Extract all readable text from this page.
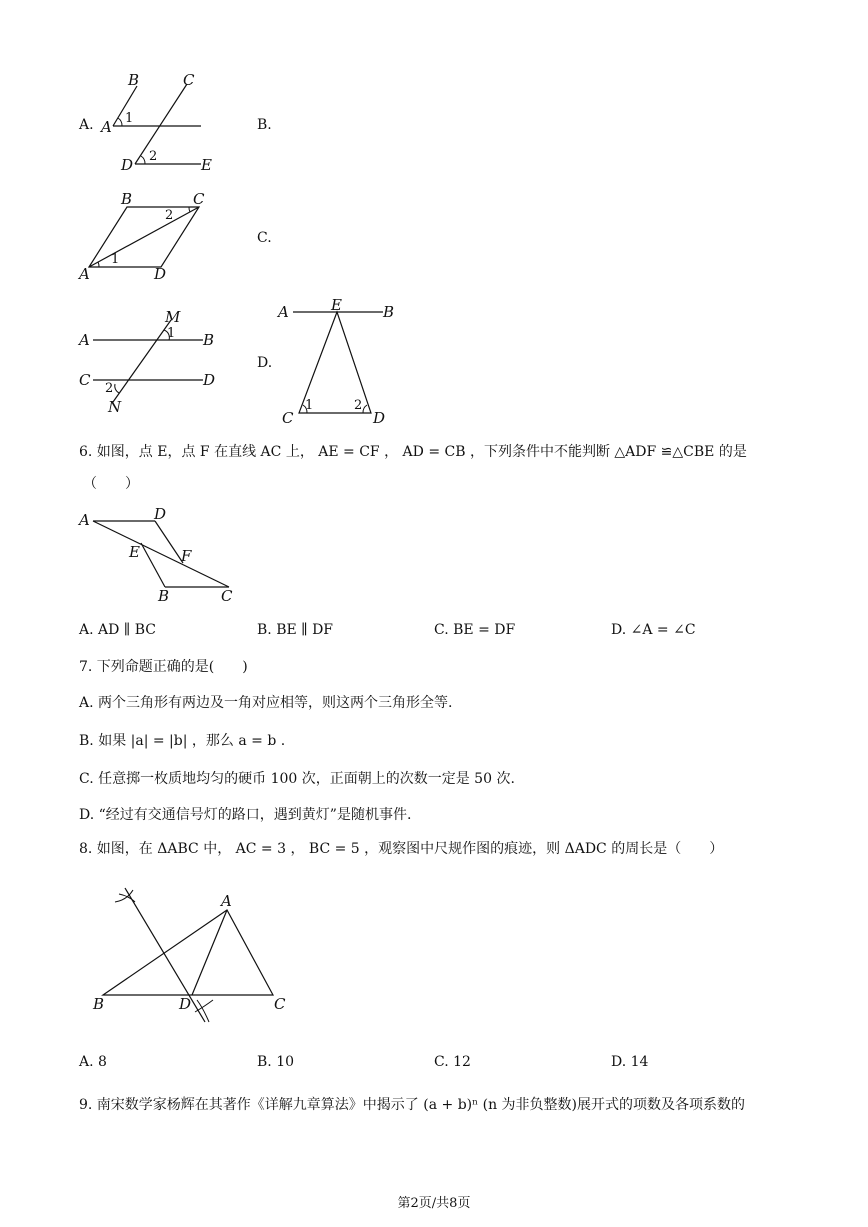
A.
B	C
A
D	E
1
2
B.
B	C
A	D
1
2
C.
A
M
B
C	D
N
1
2
D.
A	E	B
C	D
1	2
6. 如图，点 E，点 F 在直线 AC 上， AE = CF ， AD = CB ，下列条件中不能判断 △ADF ≌△CBE 的是
（　　）
A	D
E	F
B	C
A. AD ∥ BC	B. BE ∥ DF	C. BE = DF	D. ∠A = ∠C
7. 下列命题正确的是(　　)
A. 两个三角形有两边及一角对应相等，则这两个三角形全等.
B. 如果 |a| = |b| ，那么 a = b .
C. 任意掷一枚质地均匀的硬币 100 次，正面朝上的次数一定是 50 次.
D. “经过有交通信号灯的路口，遇到黄灯”是随机事件.
8. 如图，在 ΔABC 中， AC = 3 ， BC = 5 ，观察图中尺规作图的痕迹，则 ΔADC 的周长是（　　）
A
B	D	C
A. 8	B. 10	C. 12	D. 14
9. 南宋数学家杨辉在其著作《详解九章算法》中揭示了 (a + b)ⁿ (n 为非负整数)展开式的项数及各项系数的
第2页/共8页
